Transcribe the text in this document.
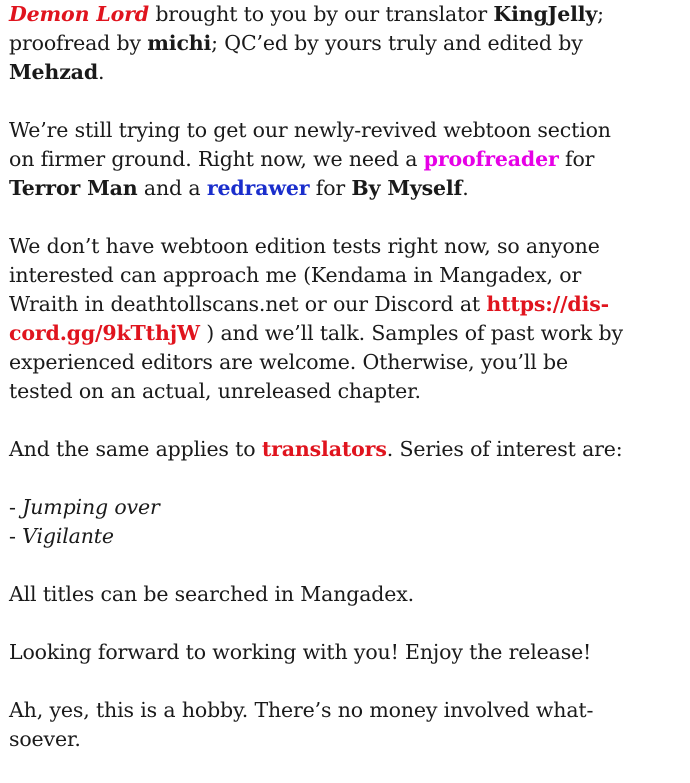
Demon Lord brought to you by our translator KingJelly;
proofread by michi; QC’ed by yours truly and edited by
Mehzad.

We’re still trying to get our newly-revived webtoon section
on firmer ground. Right now, we need a proofreader for
Terror Man and a redrawer for By Myself.

We don’t have webtoon edition tests right now, so anyone
interested can approach me (Kendama in Mangadex, or
Wraith in deathtollscans.net or our Discord at https://dis-
cord.gg/9kTthjW ) and we’ll talk. Samples of past work by
experienced editors are welcome. Otherwise, you’ll be
tested on an actual, unreleased chapter.

And the same applies to translators. Series of interest are:

- Jumping over
- Vigilante

All titles can be searched in Mangadex.

Looking forward to working with you! Enjoy the release!

Ah, yes, this is a hobby. There’s no money involved what-
soever.
